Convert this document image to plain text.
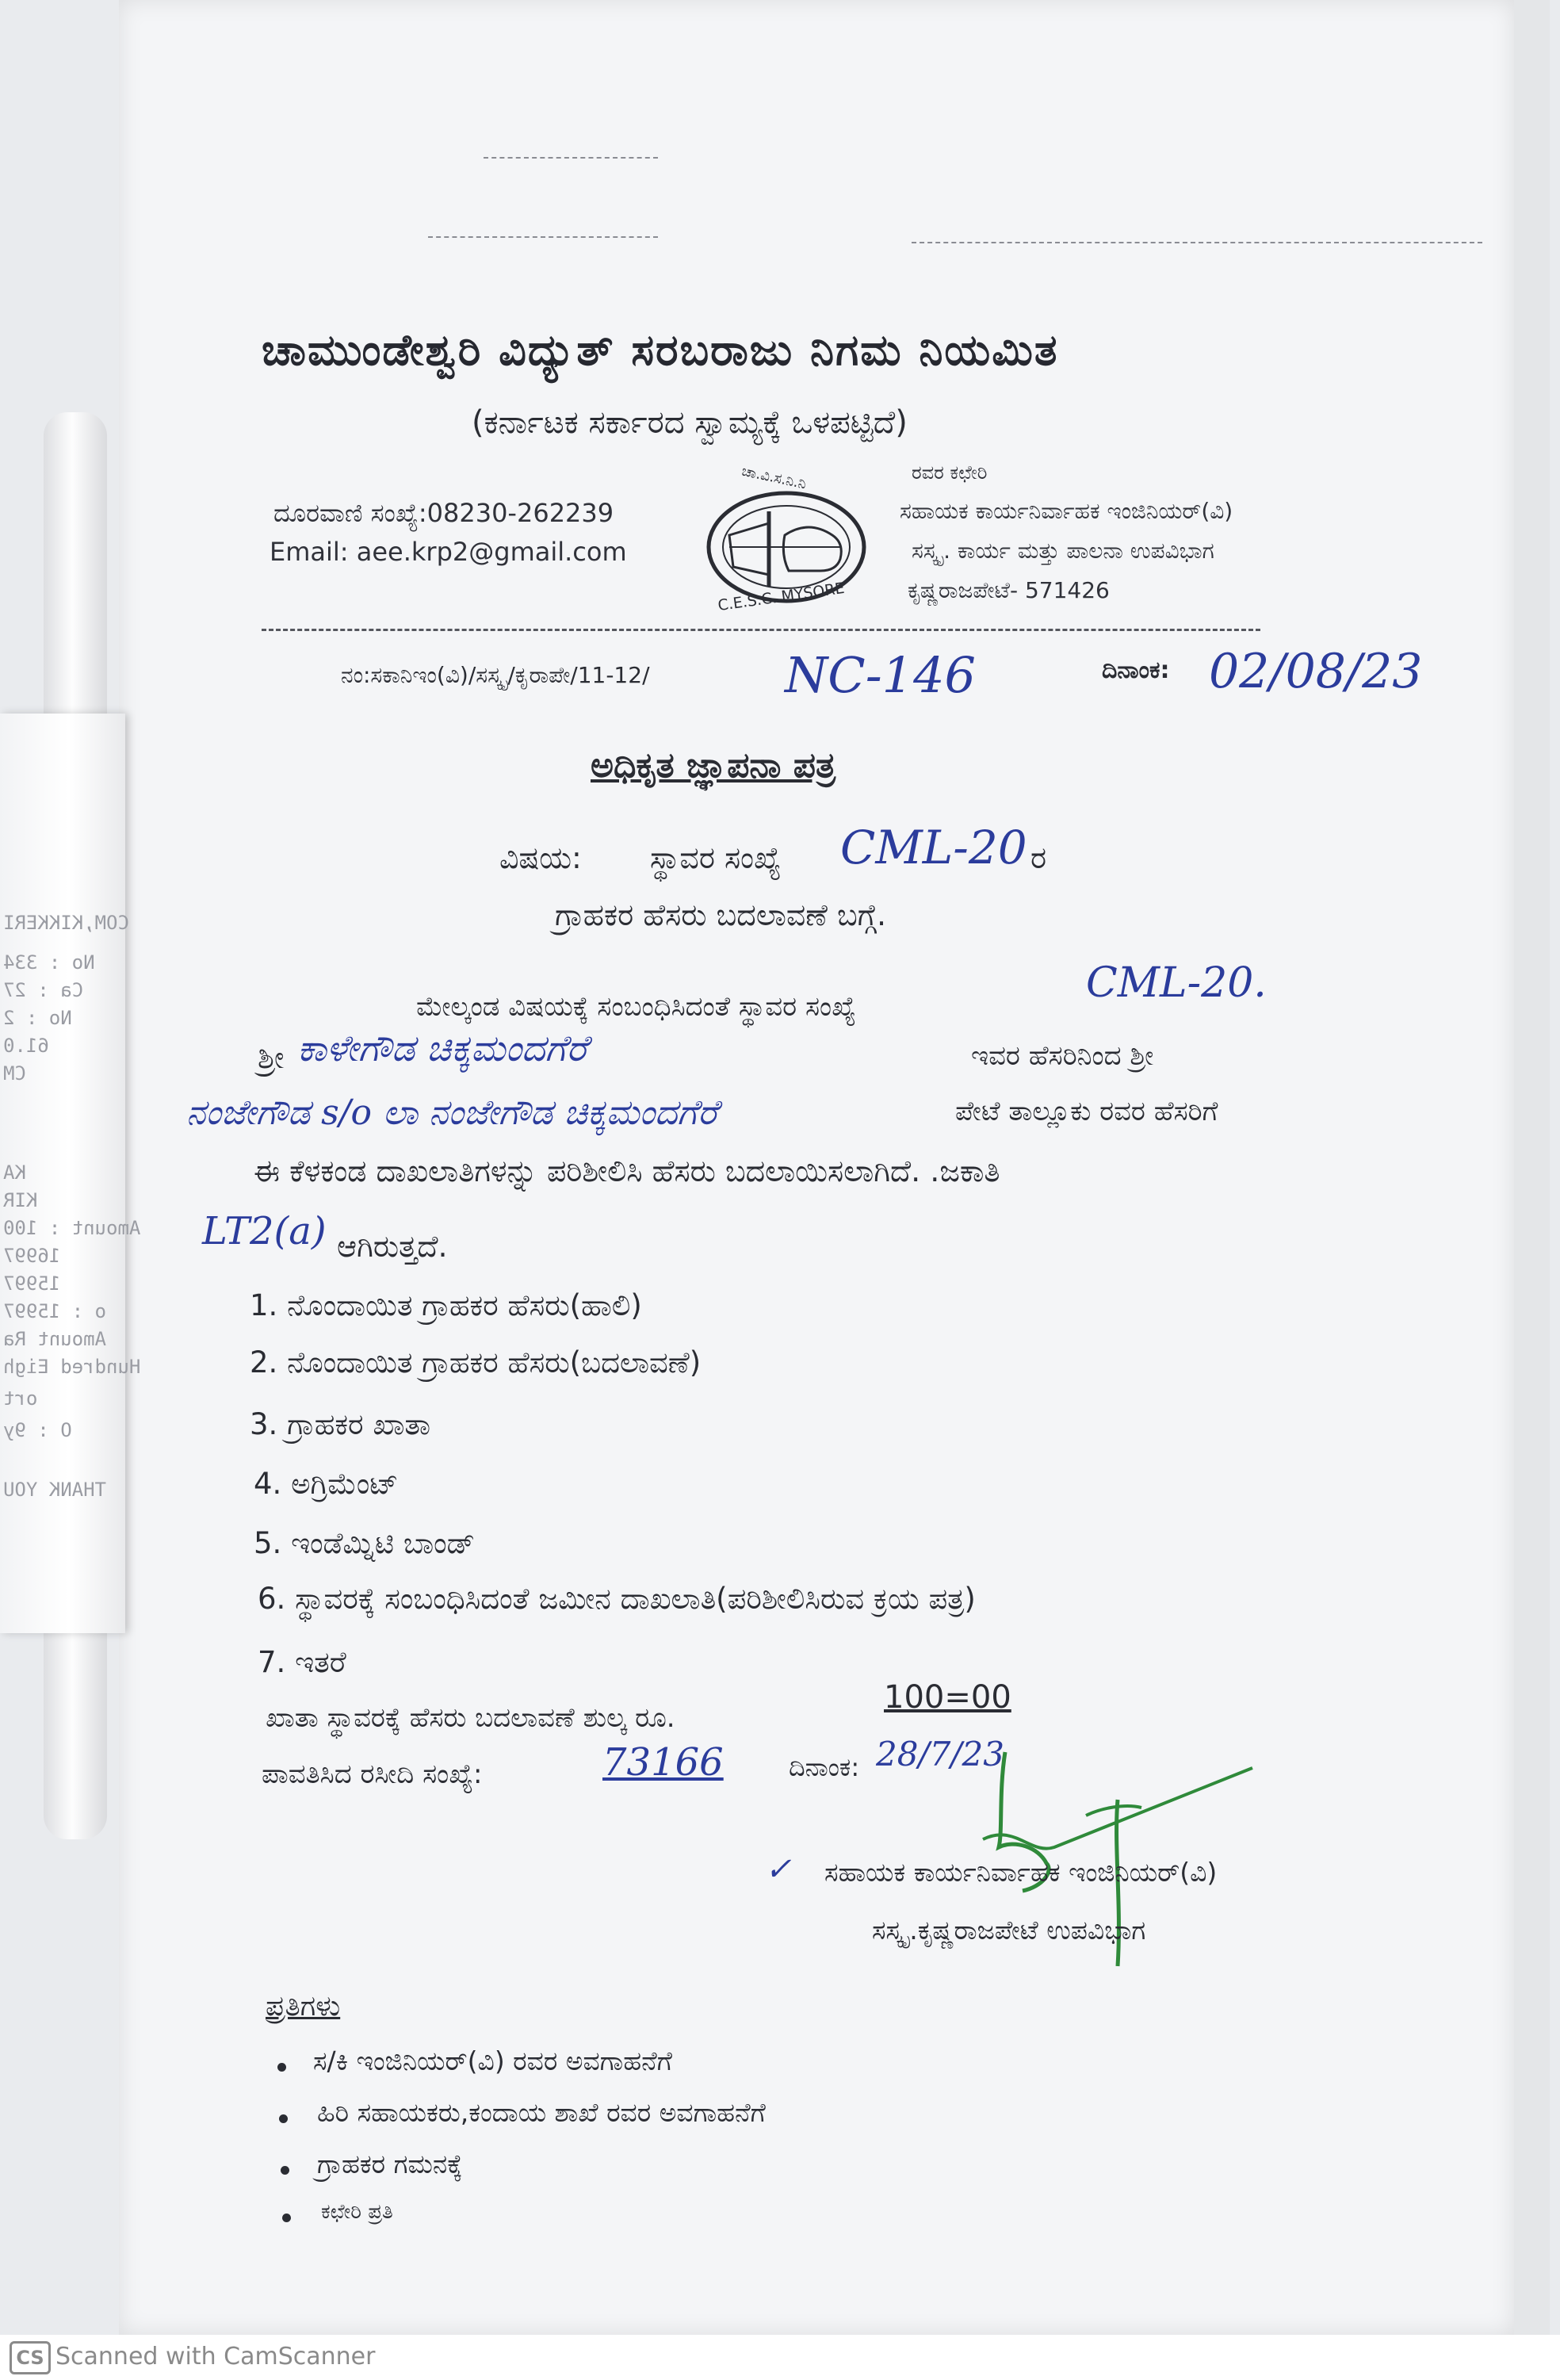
ಚಾಮುಂಡೇಶ್ವರಿ ವಿದ್ಯುತ್ ಸರಬರಾಜು ನಿಗಮ ನಿಯಮಿತ
(ಕರ್ನಾಟಕ ಸರ್ಕಾರದ ಸ್ವಾಮ್ಯಕ್ಕೆ ಒಳಪಟ್ಟಿದೆ)
ದೂರವಾಣಿ ಸಂಖ್ಯೆ:08230-262239
Email: aee.krp2@gmail.com
ಚಾ.ವಿ.ಸ.ನಿ.ನಿ
C.E.S.C. MYSORE
ರವರ ಕಛೇರಿ
ಸಹಾಯಕ ಕಾರ್ಯನಿರ್ವಾಹಕ ಇಂಜಿನಿಯರ್(ವಿ)
ಸಸ್ಕೃ. ಕಾರ್ಯ ಮತ್ತು ಪಾಲನಾ ಉಪವಿಭಾಗ
ಕೃಷ್ಣರಾಜಪೇಟೆ- 571426
ನಂ:ಸಕಾನಿಇಂ(ವಿ)/ಸಸ್ಕೃ/ಕೃರಾಪೇ/11-12/	NC-146	ದಿನಾಂಕ: 02/08/23
ಅಧಿಕೃತ ಜ್ಞಾಪನಾ ಪತ್ರ
ವಿಷಯ: ಸ್ಥಾವರ ಸಂಖ್ಯೆ CML-20 ರ
ಗ್ರಾಹಕರ ಹೆಸರು ಬದಲಾವಣೆ ಬಗ್ಗೆ.
ಮೇಲ್ಕಂಡ ವಿಷಯಕ್ಕೆ ಸಂಬಂಧಿಸಿದಂತೆ ಸ್ಥಾವರ ಸಂಖ್ಯೆ	CML-20.
ಶ್ರೀ ಕಾಳೇಗೌಡ ಚಿಕ್ಕಮಂದಗೆರೆ	ಇವರ ಹೆಸರಿನಿಂದ ಶ್ರೀ
ನಂಜೇಗೌಡ s/o ಲಾ ನಂಜೇಗೌಡ ಚಿಕ್ಕಮಂದಗೆರೆ	ಪೇಟೆ ತಾಲ್ಲೂಕು ರವರ ಹೆಸರಿಗೆ
ಈ ಕೆಳಕಂಡ ದಾಖಲಾತಿಗಳನ್ನು ಪರಿಶೀಲಿಸಿ ಹೆಸರು ಬದಲಾಯಿಸಲಾಗಿದೆ. .ಜಕಾತಿ
LT2(a) ಆಗಿರುತ್ತದೆ.
1. ನೊಂದಾಯಿತ ಗ್ರಾಹಕರ ಹೆಸರು(ಹಾಲಿ)
2. ನೊಂದಾಯಿತ ಗ್ರಾಹಕರ ಹೆಸರು(ಬದಲಾವಣೆ)
3. ಗ್ರಾಹಕರ ಖಾತಾ
4. ಅಗ್ರಿಮೆಂಟ್
5. ಇಂಡೆಮ್ನಿಟಿ ಬಾಂಡ್
6. ಸ್ಥಾವರಕ್ಕೆ ಸಂಬಂಧಿಸಿದಂತೆ ಜಮೀನ ದಾಖಲಾತಿ(ಪರಿಶೀಲಿಸಿರುವ ಕ್ರಯ ಪತ್ರ)
7. ಇತರೆ
ಖಾತಾ ಸ್ಥಾವರಕ್ಕೆ ಹೆಸರು ಬದಲಾವಣೆ ಶುಲ್ಕ ರೂ.
100=00
ಪಾವತಿಸಿದ ರಸೀದಿ ಸಂಖ್ಯೆ:	73166	ದಿನಾಂಕ: 28/7/23
✓ ಸಹಾಯಕ ಕಾರ್ಯನಿರ್ವಾಹಕ ಇಂಜಿನಿಯರ್(ವಿ)
ಸಸ್ಕೃ.ಕೃಷ್ಣರಾಜಪೇಟೆ ಉಪವಿಭಾಗ
ಪ್ರತಿಗಳು
ಸ/ಕಿ ಇಂಜಿನಿಯರ್(ವಿ) ರವರ ಅವಗಾಹನೆಗೆ
ಹಿರಿ ಸಹಾಯಕರು,ಕಂದಾಯ ಶಾಖೆ ರವರ ಅವಗಾಹನೆಗೆ
ಗ್ರಾಹಕರ ಗಮನಕ್ಕೆ
ಕಛೇರಿ ಪ್ರತಿ
COM,KIKKERI
No : 334
Ca : 27
No : 2
61.0
CM
KA
KIR
Amount : 100
16997
15997
o : 15997
Amount Ra
Hundred Eigh
ort
O : 9y
THANK YOU
CS Scanned with CamScanner
